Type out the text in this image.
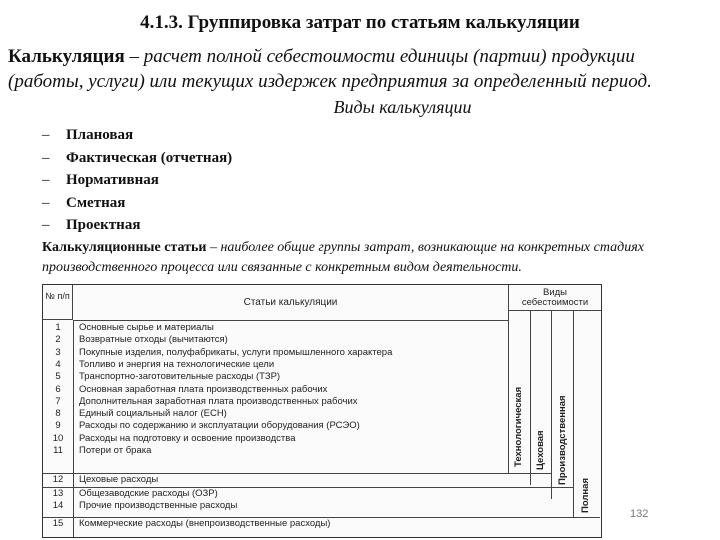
4.1.3. Группировка затрат по статьям калькуляции
Калькуляция – расчет полной себестоимости единицы (партии) продукции (работы, услуги) или текущих издержек предприятия за определенный период.
Виды калькуляции
–	Плановая
–	Фактическая (отчетная)
–	Нормативная
–	Сметная
–	Проектная
Калькуляционные статьи – наиболее общие группы затрат, возникающие на конкретных стадиях производственного процесса или связанные с конкретным видом деятельности.
№ п/п
Статьи калькуляции
Виды себестоимости
1	Основные сырье и материалы
2	Возвратные отходы (вычитаются)
3	Покупные изделия, полуфабрикаты, услуги промышленного характера
4	Топливо и энергия на технологические цели
5	Транспортно-заготовительные расходы (ТЗР)
6	Основная заработная плата производственных рабочих
7	Дополнительная заработная плата производственных рабочих
8	Единый социальный налог (ЕСН)
9	Расходы по содержанию и эксплуатации оборудования (РСЭО)
10	Расходы на подготовку и освоение производства
11	Потери от брака
12	Цеховые расходы
13	Общезаводские расходы (ОЗР)
14	Прочие производственные расходы
15	Коммерческие расходы (внепроизводственные расходы)
Технологическая Цеховая Производственная
Полная
132
